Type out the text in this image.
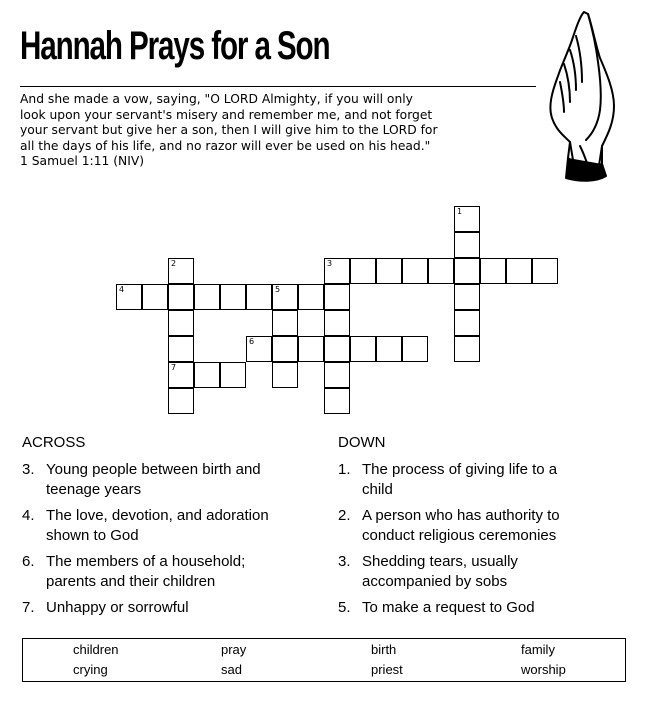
Hannah Prays for a Son
And she made a vow, saying, "O LORD Almighty, if you will only
look upon your servant's misery and remember me, and not forget
your servant but give her a son, then I will give him to the LORD for
all the days of his life, and no razor will ever be used on his head."
1 Samuel 1:11 (NIV)
1
2
7
3
4	5
6
ACROSS
3. Young people between birth and
teenage years
4. The love, devotion, and adoration
shown to God
6. The members of a household;
parents and their children
7. Unhappy or sorrowful
DOWN
1. The process of giving life to a
child
2. A person who has authority to
conduct religious ceremonies
3. Shedding tears, usually
accompanied by sobs
5. To make a request to God
children	pray	birth	family
crying	sad	priest	worship
